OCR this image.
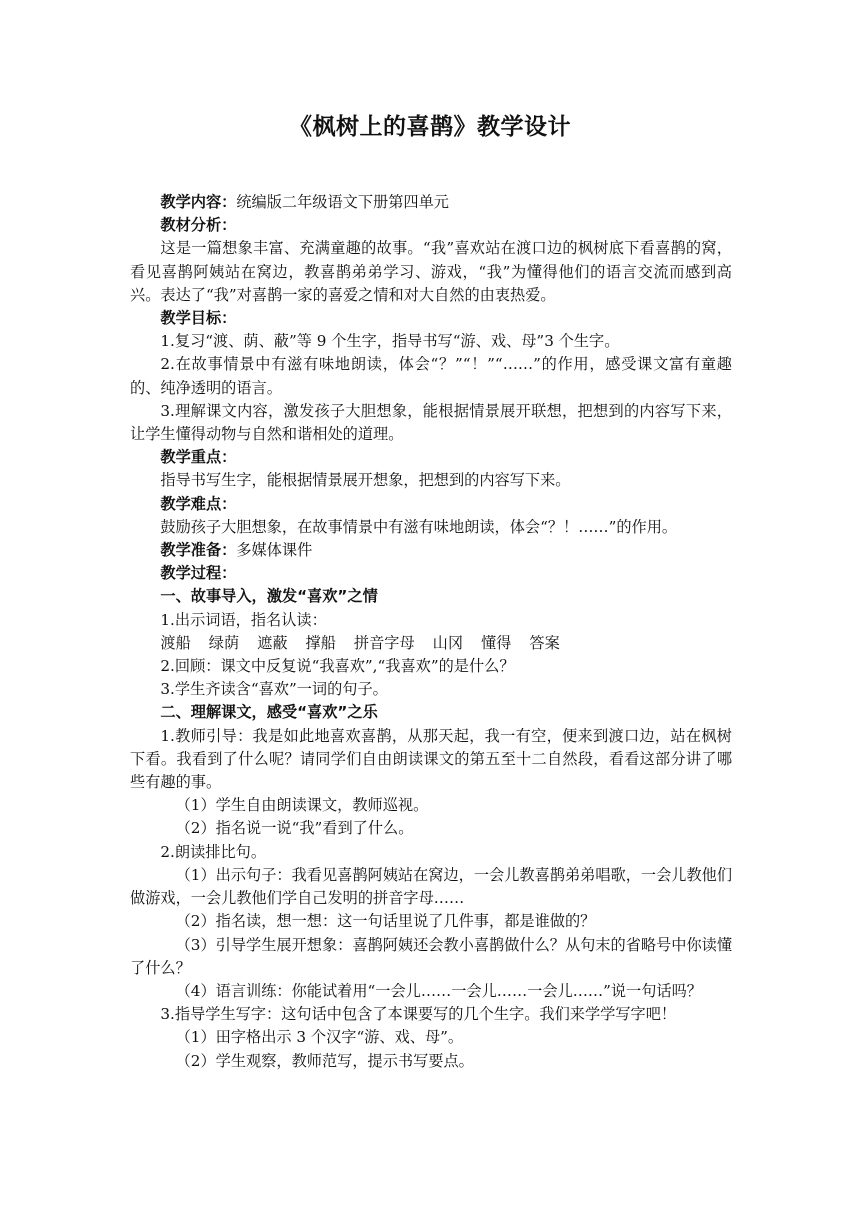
《枫树上的喜鹊》教学设计

教学内容：统编版二年级语文下册第四单元

教材分析：

这是一篇想象丰富、充满童趣的故事。“我”喜欢站在渡口边的枫树底下看喜鹊的窝，看见喜鹊阿姨站在窝边，教喜鹊弟弟学习、游戏，“我”为懂得他们的语言交流而感到高兴。表达了“我”对喜鹊一家的喜爱之情和对大自然的由衷热爱。

教学目标：

1.复习“渡、荫、蔽”等 9 个生字，指导书写“游、戏、母”3 个生字。

2.在故事情景中有滋有味地朗读，体会“？”“！”“……”的作用，感受课文富有童趣的、纯净透明的语言。

3.理解课文内容，激发孩子大胆想象，能根据情景展开联想，把想到的内容写下来，让学生懂得动物与自然和谐相处的道理。

教学重点：

指导书写生字，能根据情景展开想象，把想到的内容写下来。

教学难点：

鼓励孩子大胆想象，在故事情景中有滋有味地朗读，体会“？！……”的作用。

教学准备：多媒体课件

教学过程：

一、故事导入，激发“喜欢”之情

1.出示词语，指名认读：

渡船 绿荫 遮蔽 撑船 拼音字母 山冈 懂得 答案

2.回顾：课文中反复说“我喜欢”,“我喜欢”的是什么？

3.学生齐读含“喜欢”一词的句子。

二、理解课文，感受“喜欢”之乐

1.教师引导：我是如此地喜欢喜鹊，从那天起，我一有空，便来到渡口边，站在枫树下看。我看到了什么呢？请同学们自由朗读课文的第五至十二自然段，看看这部分讲了哪些有趣的事。

（1）学生自由朗读课文，教师巡视。

（2）指名说一说“我”看到了什么。

2.朗读排比句。

（1）出示句子：我看见喜鹊阿姨站在窝边，一会儿教喜鹊弟弟唱歌，一会儿教他们做游戏，一会儿教他们学自己发明的拼音字母……

（2）指名读，想一想：这一句话里说了几件事，都是谁做的？

（3）引导学生展开想象：喜鹊阿姨还会教小喜鹊做什么？从句末的省略号中你读懂了什么？

（4）语言训练：你能试着用“一会儿……一会儿……一会儿……”说一句话吗？

3.指导学生写字：这句话中包含了本课要写的几个生字。我们来学学写字吧！

（1）田字格出示 3 个汉字“游、戏、母”。

（2）学生观察，教师范写，提示书写要点。
